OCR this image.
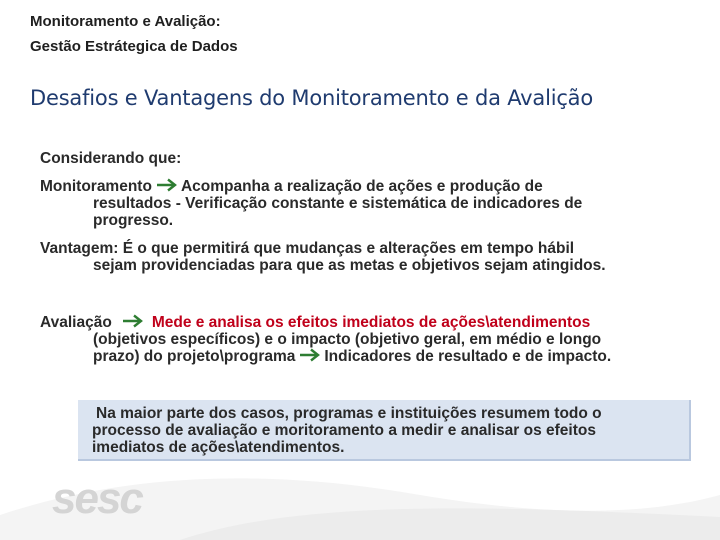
Monitoramento e Avalição:
Gestão Estrátegica de Dados
Desafios e Vantagens do Monitoramento e da Avalição
Considerando que:
Monitoramento Acompanha a realização de ações e produção de
resultados - Verificação constante e sistemática de indicadores de
progresso.
Vantagem: É o que permitirá que mudanças e alterações em tempo hábil
sejam providenciadas para que as metas e objetivos sejam atingidos.
Avaliação	Mede e analisa os efeitos imediatos de ações\atendimentos
(objetivos específicos) e o impacto (objetivo geral, em médio e longo
prazo) do projeto\programa Indicadores de resultado e de impacto.
Na maior parte dos casos, programas e instituições resumem todo o
processo de avaliação e moritoramento a medir e analisar os efeitos
imediatos de ações\atendimentos.
sesc
